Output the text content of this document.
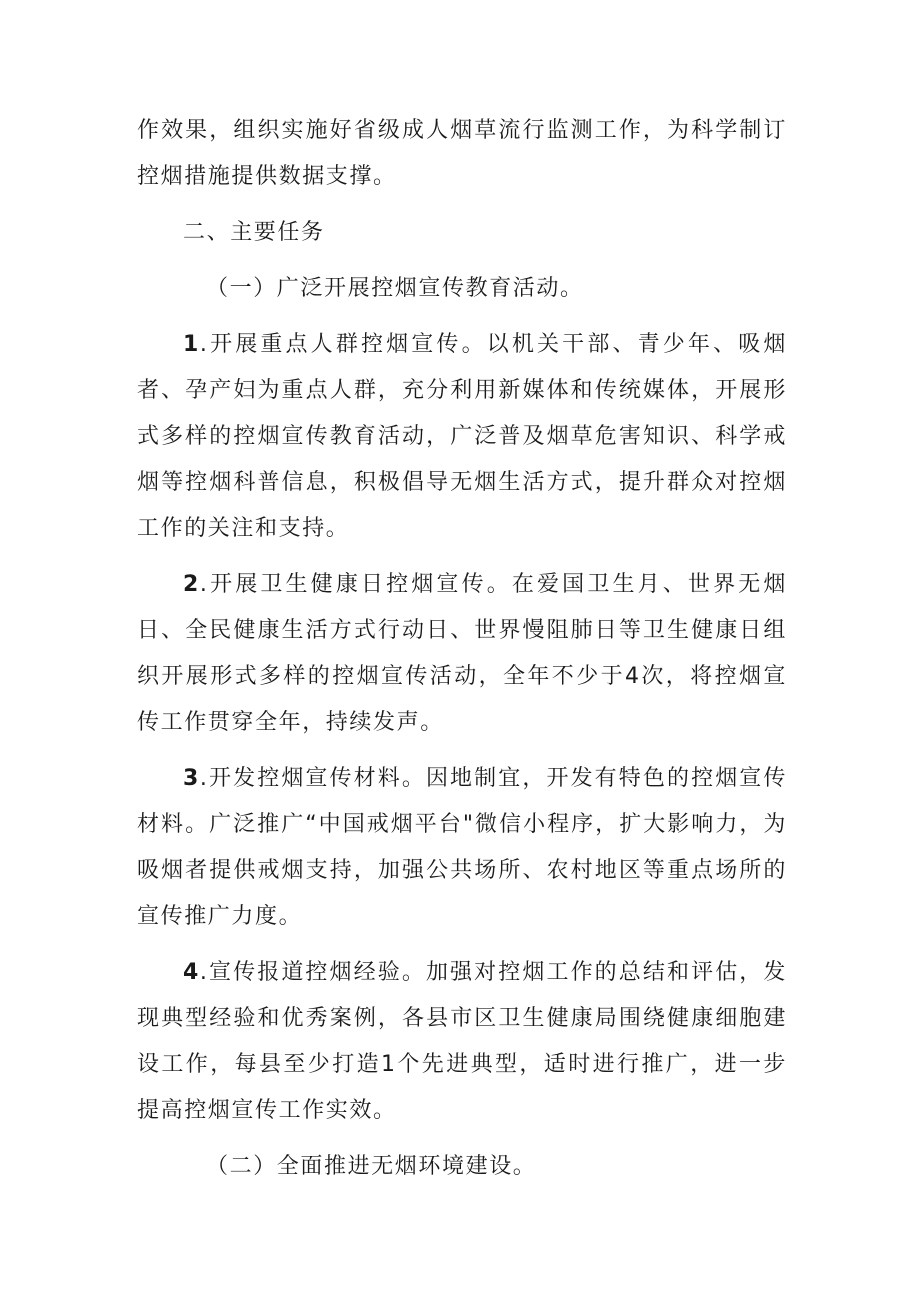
作效果，组织实施好省级成人烟草流行监测工作，为科学制订控烟措施提供数据支撑。

二、主要任务

（一）广泛开展控烟宣传教育活动。

1.开展重点人群控烟宣传。以机关干部、青少年、吸烟者、孕产妇为重点人群，充分利用新媒体和传统媒体，开展形式多样的控烟宣传教育活动，广泛普及烟草危害知识、科学戒烟等控烟科普信息，积极倡导无烟生活方式，提升群众对控烟工作的关注和支持。

2.开展卫生健康日控烟宣传。在爱国卫生月、世界无烟日、全民健康生活方式行动日、世界慢阻肺日等卫生健康日组织开展形式多样的控烟宣传活动，全年不少于4次，将控烟宣传工作贯穿全年，持续发声。

3.开发控烟宣传材料。因地制宜，开发有特色的控烟宣传材料。广泛推广“中国戒烟平台"微信小程序，扩大影响力，为吸烟者提供戒烟支持，加强公共场所、农村地区等重点场所的宣传推广力度。

4.宣传报道控烟经验。加强对控烟工作的总结和评估，发现典型经验和优秀案例，各县市区卫生健康局围绕健康细胞建设工作，每县至少打造1个先进典型，适时进行推广，进一步提高控烟宣传工作实效。

（二）全面推进无烟环境建设。
